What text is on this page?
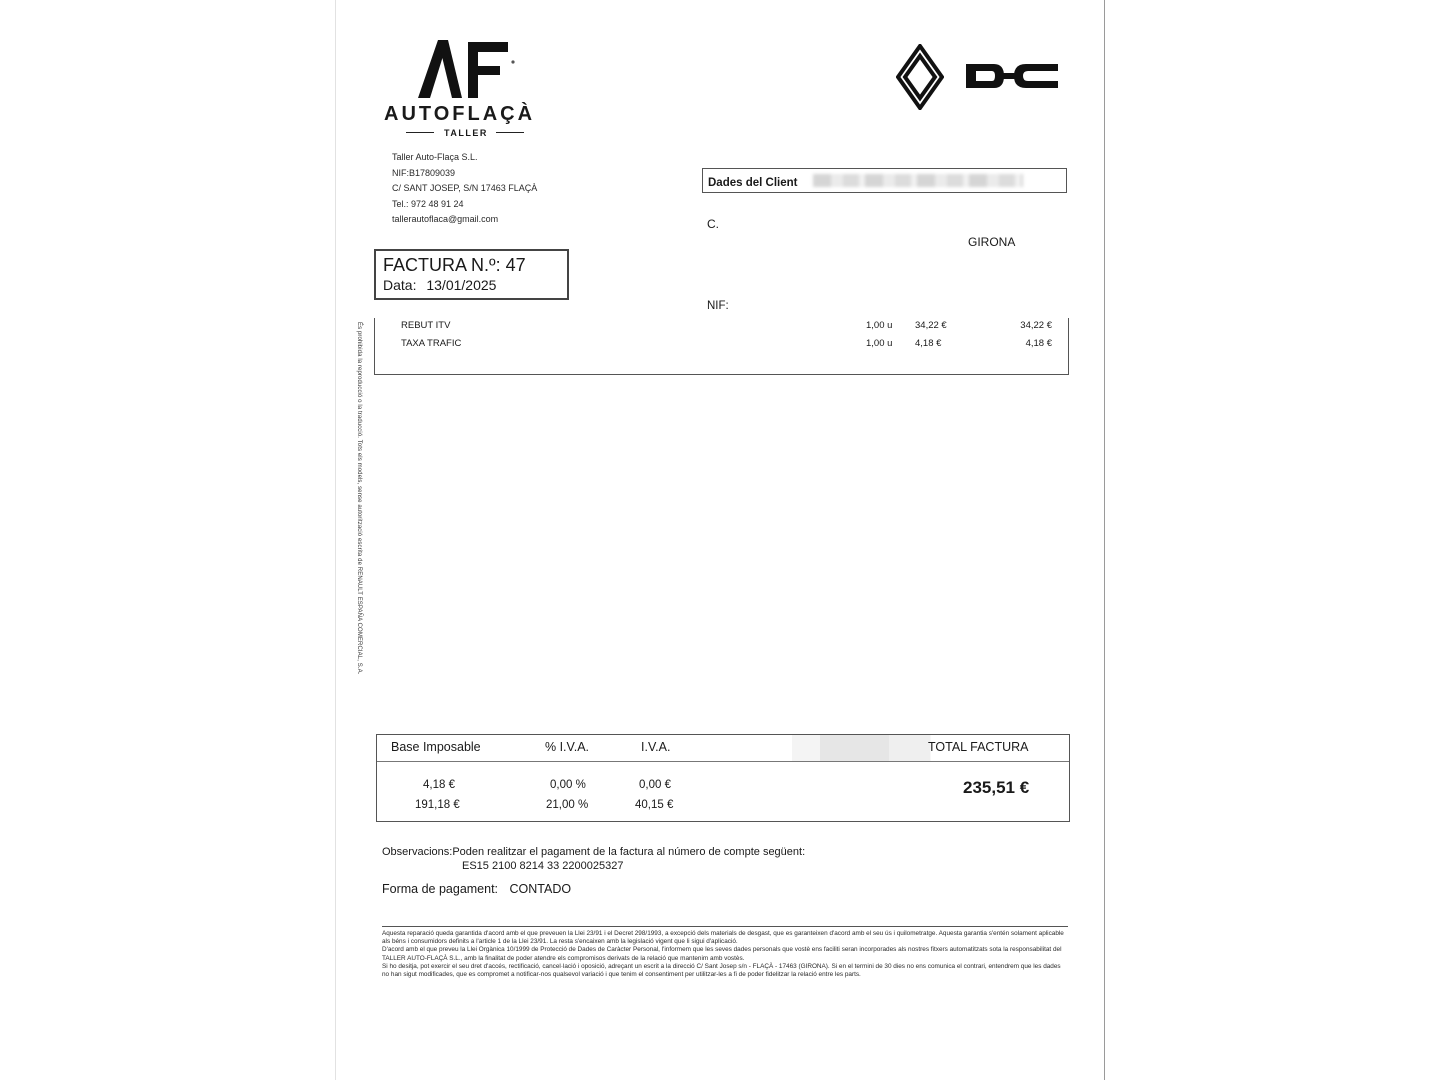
AUTOFLAÇÀ
TALLER
Taller Auto-Flaça S.L.
NIF:B17809039
C/ SANT JOSEP, S/N 17463 FLAÇÀ
Tel.: 972 48 91 24
tallerautoflaca@gmail.com
FACTURA N.º: 47
Data: 13/01/2025
Dades del Client
C.
GIRONA
NIF:
REBUT ITV	1,00 u 34,22 €	34,22 €
TAXA TRAFIC	1,00 u 4,18 €	4,18 €
És prohibida la reproducció o la traducció. Tots els models, sense autorització escrita de RENAULT ESPAÑA COMERCIAL, S.A.
Base Imposable	% I.V.A.	I.V.A.	TOTAL FACTURA
4,18 €	0,00 %	0,00 €
191,18 €	21,00 %	40,15 €
235,51 €
Observacions:Poden realitzar el pagament de la factura al número de compte següent:
ES15 2100 8214 33 2200025327
Forma de pagament: CONTADO
Aquesta reparació queda garantida d'acord amb el que preveuen la Llei 23/91 i el Decret 298/1993, a excepció dels materials de desgast, que es garanteixen d'acord amb el seu ús i quilometratge. Aquesta garantia s'entén solament aplicable als béns i consumidors definits a l'article 1 de la Llei 23/91. La resta s'encaixen amb la legislació vigent que li sigui d'aplicació.
D'acord amb el que preveu la Llei Orgànica 10/1999 de Protecció de Dades de Caràcter Personal, l'informem que les seves dades personals que vostè ens faciliti seran incorporades als nostres fitxers automatitzats sota la responsabilitat del TALLER AUTO-FLAÇÀ S.L., amb la finalitat de poder atendre els compromisos derivats de la relació que mantenim amb vostès.
Si ho desitja, pot exercir el seu dret d'accés, rectificació, cancel·lació i oposició, adreçant un escrit a la direcció C/ Sant Josep s/n - FLAÇÀ - 17463 (GIRONA). Si en el termini de 30 dies no ens comunica el contrari, entendrem que les dades no han sigut modificades, que es compromet a notificar-nos qualsevol variació i que tenim el consentiment per utilitzar-les a fi de poder fidelitzar la relació entre les parts.
